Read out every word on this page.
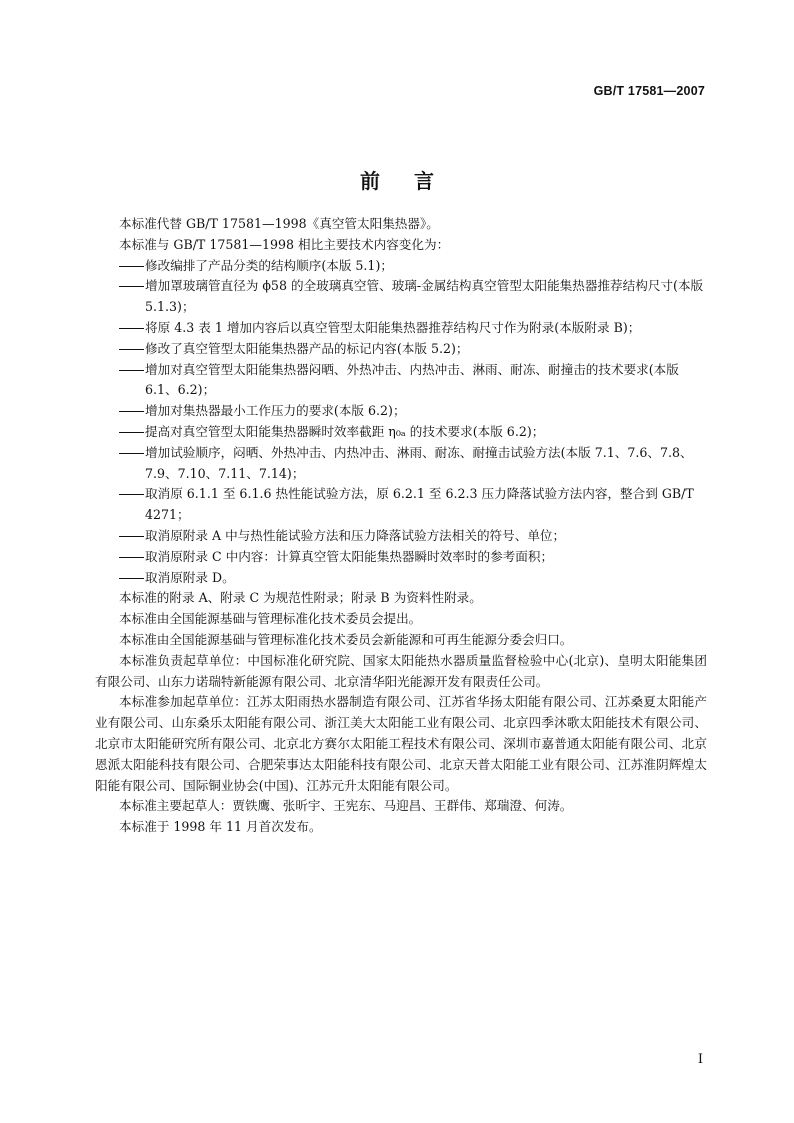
GB/T 17581—2007
前言

本标准代替 GB/T 17581—1998《真空管太阳集热器》。

本标准与 GB/T 17581—1998 相比主要技术内容变化为：

修改编排了产品分类的结构顺序(本版 5.1)；
增加罩玻璃管直径为 ϕ58 的全玻璃真空管、玻璃-金属结构真空管型太阳能集热器推荐结构尺寸(本版 5.1.3)；
将原 4.3 表 1 增加内容后以真空管型太阳能集热器推荐结构尺寸作为附录(本版附录 B)；
修改了真空管型太阳能集热器产品的标记内容(本版 5.2)；
增加对真空管型太阳能集热器闷晒、外热冲击、内热冲击、淋雨、耐冻、耐撞击的技术要求(本版 6.1、6.2)；
增加对集热器最小工作压力的要求(本版 6.2)；
提高对真空管型太阳能集热器瞬时效率截距 η₀ₐ 的技术要求(本版 6.2)；
增加试验顺序，闷晒、外热冲击、内热冲击、淋雨、耐冻、耐撞击试验方法(本版 7.1、7.6、7.8、7.9、7.10、7.11、7.14)；
取消原 6.1.1 至 6.1.6 热性能试验方法，原 6.2.1 至 6.2.3 压力降落试验方法内容，整合到 GB/T 4271；
取消原附录 A 中与热性能试验方法和压力降落试验方法相关的符号、单位；
取消原附录 C 中内容：计算真空管太阳能集热器瞬时效率时的参考面积；
取消原附录 D。

本标准的附录 A、附录 C 为规范性附录；附录 B 为资料性附录。

本标准由全国能源基础与管理标准化技术委员会提出。

本标准由全国能源基础与管理标准化技术委员会新能源和可再生能源分委会归口。

本标准负责起草单位：中国标准化研究院、国家太阳能热水器质量监督检验中心(北京)、皇明太阳能集团有限公司、山东力诺瑞特新能源有限公司、北京清华阳光能源开发有限责任公司。

本标准参加起草单位：江苏太阳雨热水器制造有限公司、江苏省华扬太阳能有限公司、江苏桑夏太阳能产业有限公司、山东桑乐太阳能有限公司、浙江美大太阳能工业有限公司、北京四季沐歌太阳能技术有限公司、北京市太阳能研究所有限公司、北京北方赛尔太阳能工程技术有限公司、深圳市嘉普通太阳能有限公司、北京恩派太阳能科技有限公司、合肥荣事达太阳能科技有限公司、北京天普太阳能工业有限公司、江苏淮阴辉煌太阳能有限公司、国际铜业协会(中国)、江苏元升太阳能有限公司。

本标准主要起草人：贾铁鹰、张昕宇、王宪东、马迎昌、王群伟、郑瑞澄、何涛。

本标准于 1998 年 11 月首次发布。

I
